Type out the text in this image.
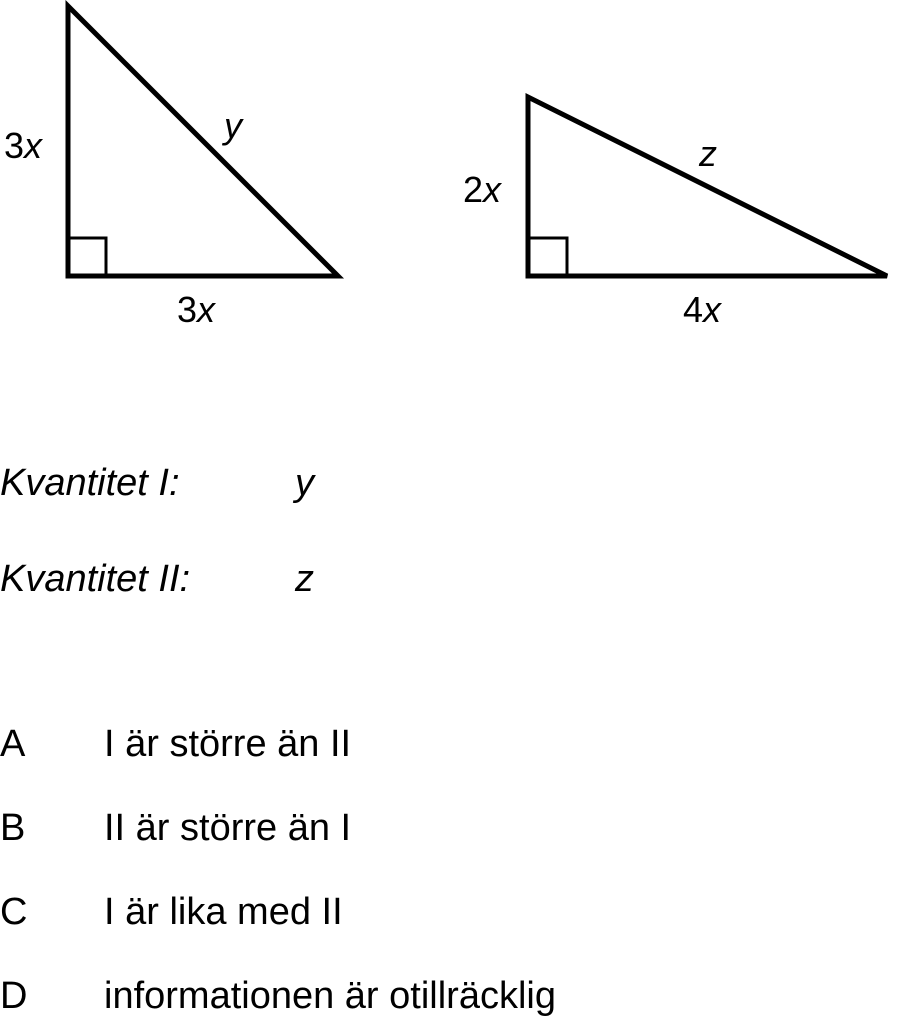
3x
3x
y
2x
4x
z
Kvantitet I:	y
Kvantitet II:	z
A I är större än II
B II är större än I
C I är lika med II
D informationen är otillräcklig
